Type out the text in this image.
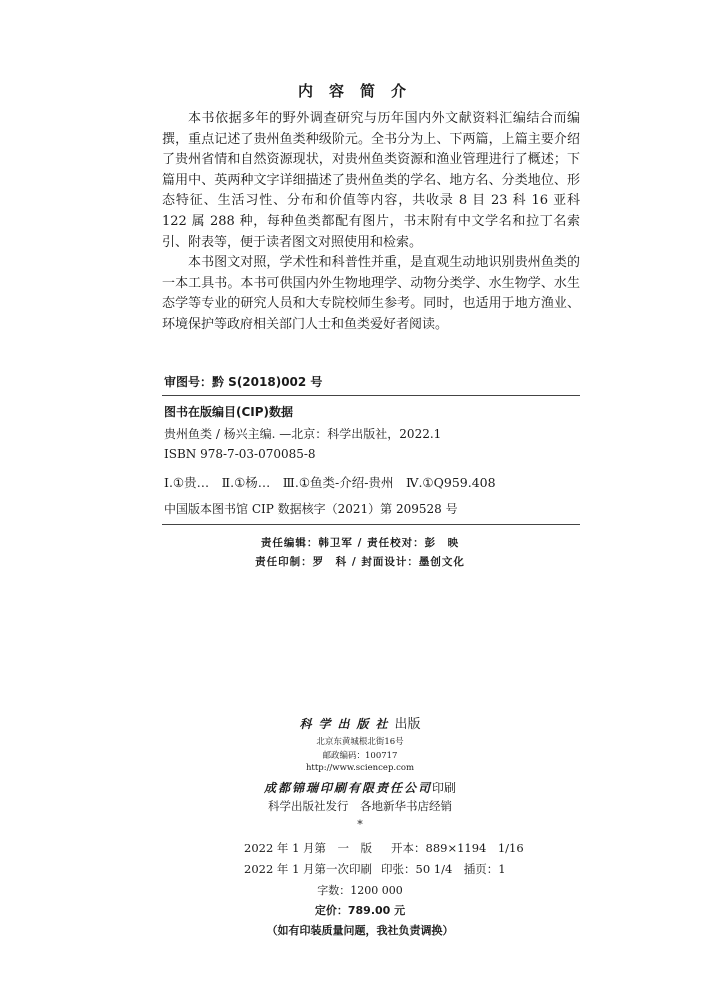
内容简介

本书依据多年的野外调查研究与历年国内外文献资料汇编结合而编撰，重点记述了贵州鱼类种级阶元。全书分为上、下两篇，上篇主要介绍了贵州省情和自然资源现状，对贵州鱼类资源和渔业管理进行了概述；下篇用中、英两种文字详细描述了贵州鱼类的学名、地方名、分类地位、形态特征、生活习性、分布和价值等内容，共收录 8 目 23 科 16 亚科 122 属 288 种，每种鱼类都配有图片，书末附有中文学名和拉丁名索引、附表等，便于读者图文对照使用和检索。

本书图文对照，学术性和科普性并重，是直观生动地识别贵州鱼类的一本工具书。本书可供国内外生物地理学、动物分类学、水生物学、水生态学等专业的研究人员和大专院校师生参考。同时，也适用于地方渔业、环境保护等政府相关部门人士和鱼类爱好者阅读。

审图号：黔 S(2018)002 号
图书在版编目(CIP)数据
贵州鱼类 / 杨兴主编. —北京：科学出版社，2022.1
ISBN 978-7-03-070085-8
Ⅰ.①贵…　Ⅱ.①杨…　Ⅲ.①鱼类-介绍-贵州　Ⅳ.①Q959.408
中国版本图书馆 CIP 数据核字（2021）第 209528 号
责任编辑：韩卫军 / 责任校对：彭　映
责任印制：罗　科 / 封面设计：墨创文化
科学出版社出版
北京东黄城根北街16号
邮政编码：100717
http://www.sciencep.com
成都锦瑞印刷有限责任公司印刷
科学出版社发行　各地新华书店经销
*
2022 年 1 月第　一　版 开本：889×1194　1/16
2022 年 1 月第一次印刷 印张：50 1/4　插页：1
字数：1200 000
定价：789.00 元
（如有印装质量问题，我社负责调换）
